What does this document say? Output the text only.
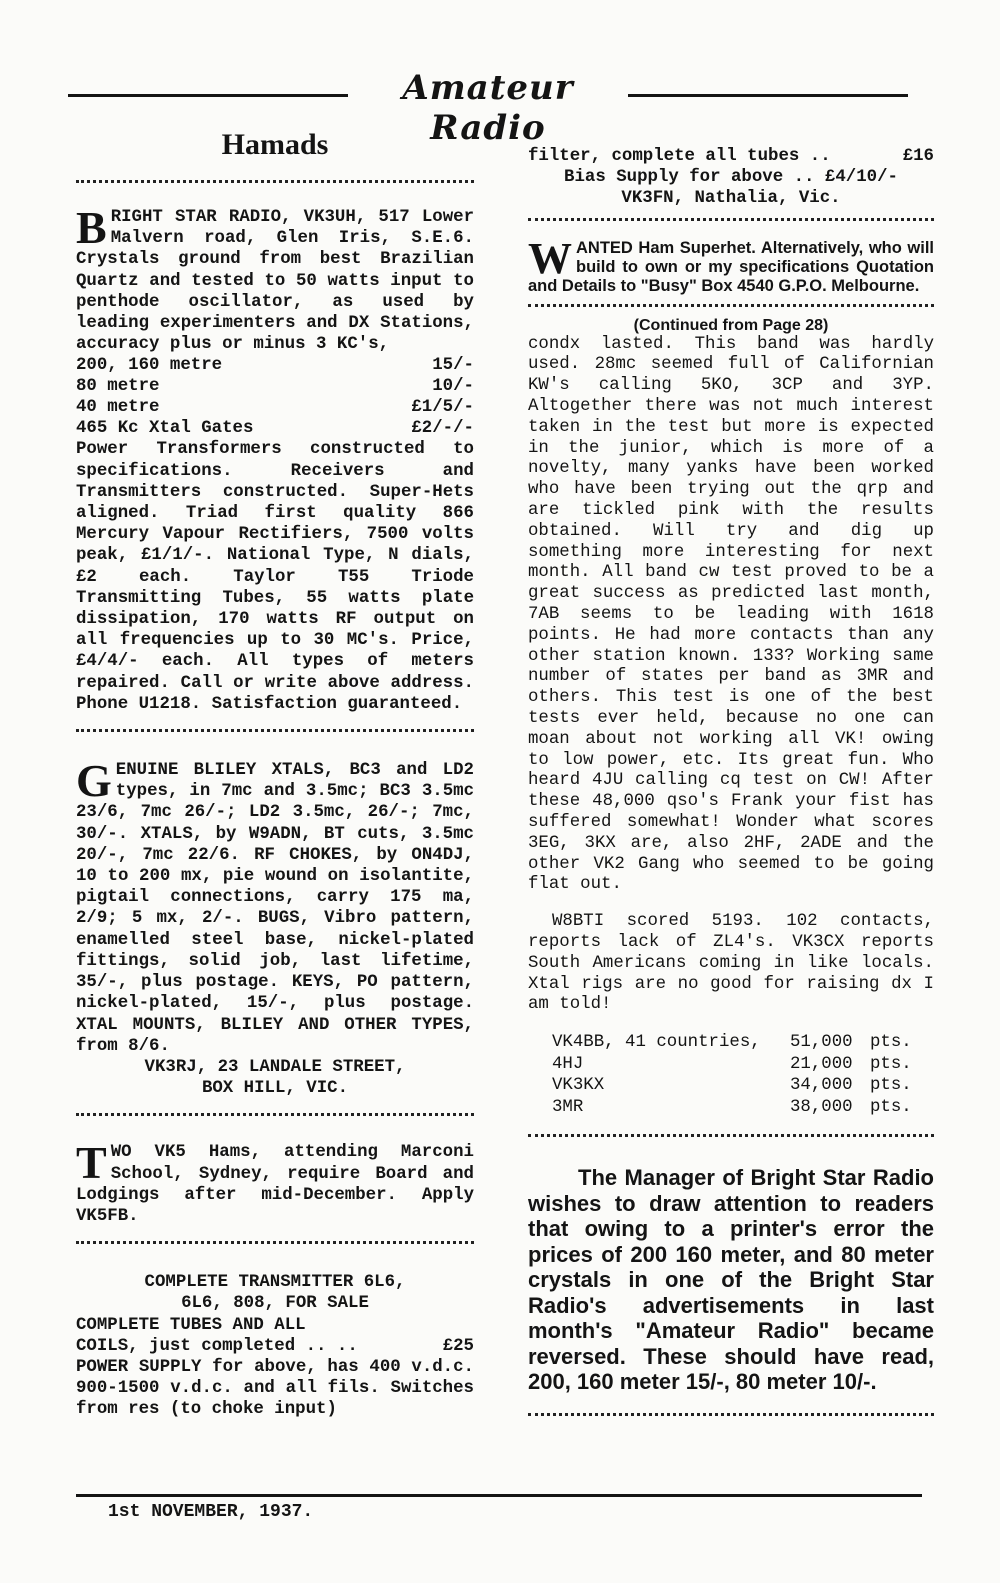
Amateur Radio
Hamads
B RIGHT STAR RADIO, VK3UH, 517 Lower Malvern road, Glen Iris, S.E.6. Crystals ground from best Brazilian Quartz and tested to 50 watts input to penthode oscillator, as used by leading experimenters and DX Stations, accuracy plus or minus 3 KC's,

200, 160 metre	15/-
80 metre	10/-
40 metre	£1/5/-
465 Kc Xtal Gates	£2/-/-

Power Transformers constructed to specifications. Receivers and Transmitters constructed. Super-Hets aligned. Triad first quality 866 Mercury Vapour Rectifiers, 7500 volts peak, £1/1/-. National Type, N dials, £2 each. Taylor T55 Triode Transmitting Tubes, 55 watts plate dissipation, 170 watts RF output on all frequencies up to 30 MC's. Price, £4/4/- each. All types of meters repaired. Call or write above address. Phone U1218. Satisfaction guaranteed.

G ENUINE BLILEY XTALS, BC3 and LD2 types, in 7mc and 3.5mc; BC3 3.5mc 23/6, 7mc 26/-; LD2 3.5mc, 26/-; 7mc, 30/-. XTALS, by W9ADN, BT cuts, 3.5mc 20/-, 7mc 22/6. RF CHOKES, by ON4DJ, 10 to 200 mx, pie wound on isolantite, pigtail connections, carry 175 ma, 2/9; 5 mx, 2/-. BUGS, Vibro pattern, enamelled steel base, nickel-plated fittings, solid job, last lifetime, 35/-, plus postage. KEYS, PO pattern, nickel-plated, 15/-, plus postage. XTAL MOUNTS, BLILEY AND OTHER TYPES, from 8/6.

VK3RJ, 23 LANDALE STREET,

BOX HILL, VIC.

T WO VK5 Hams, attending Marconi School, Sydney, require Board and Lodgings after mid-December. Apply VK5FB.

COMPLETE TRANSMITTER 6L6,

6L6, 808, FOR SALE

COMPLETE TUBES AND ALL

COILS, just completed .. ..	£25

POWER SUPPLY for above, has 400 v.d.c. 900-1500 v.d.c. and all fils. Switches from res (to choke input)

filter, complete all tubes ..	£16
Bias Supply for above .. £4/10/-
VK3FN, Nathalia, Vic.
W ANTED Ham Superhet. Alternatively, who will build to own or my specifications Quotation and Details to "Busy" Box 4540 G.P.O. Melbourne.

(Continued from Page 28)
condx lasted. This band was hardly used. 28mc seemed full of Californian KW's calling 5KO, 3CP and 3YP. Altogether there was not much interest taken in the test but more is expected in the junior, which is more of a novelty, many yanks have been worked who have been trying out the qrp and are tickled pink with the results obtained. Will try and dig up something more interesting for next month. All band cw test proved to be a great success as predicted last month, 7AB seems to be leading with 1618 points. He had more contacts than any other station known. 133? Working same number of states per band as 3MR and others. This test is one of the best tests ever held, because no one can moan about not working all VK! owing to low power, etc. Its great fun. Who heard 4JU calling cq test on CW! After these 48,000 qso's Frank your fist has suffered somewhat! Wonder what scores 3EG, 3KX are, also 2HF, 2ADE and the other VK2 Gang who seemed to be going flat out.
W8BTI scored 5193. 102 contacts, reports lack of ZL4's. VK3CX reports South Americans coming in like locals. Xtal rigs are no good for raising dx I am told!
VK4BB, 41 countries,	51,000 pts.
4HJ	21,000 pts.
VK3KX	34,000 pts.
3MR	38,000 pts.
The Manager of Bright Star Radio wishes to draw attention to readers that owing to a printer's error the prices of 200 160 meter, and 80 meter crystals in one of the Bright Star Radio's advertisements in last month's "Amateur Radio" became reversed. These should have read, 200, 160 meter 15/-, 80 meter 10/-.
1st NOVEMBER, 1937.
